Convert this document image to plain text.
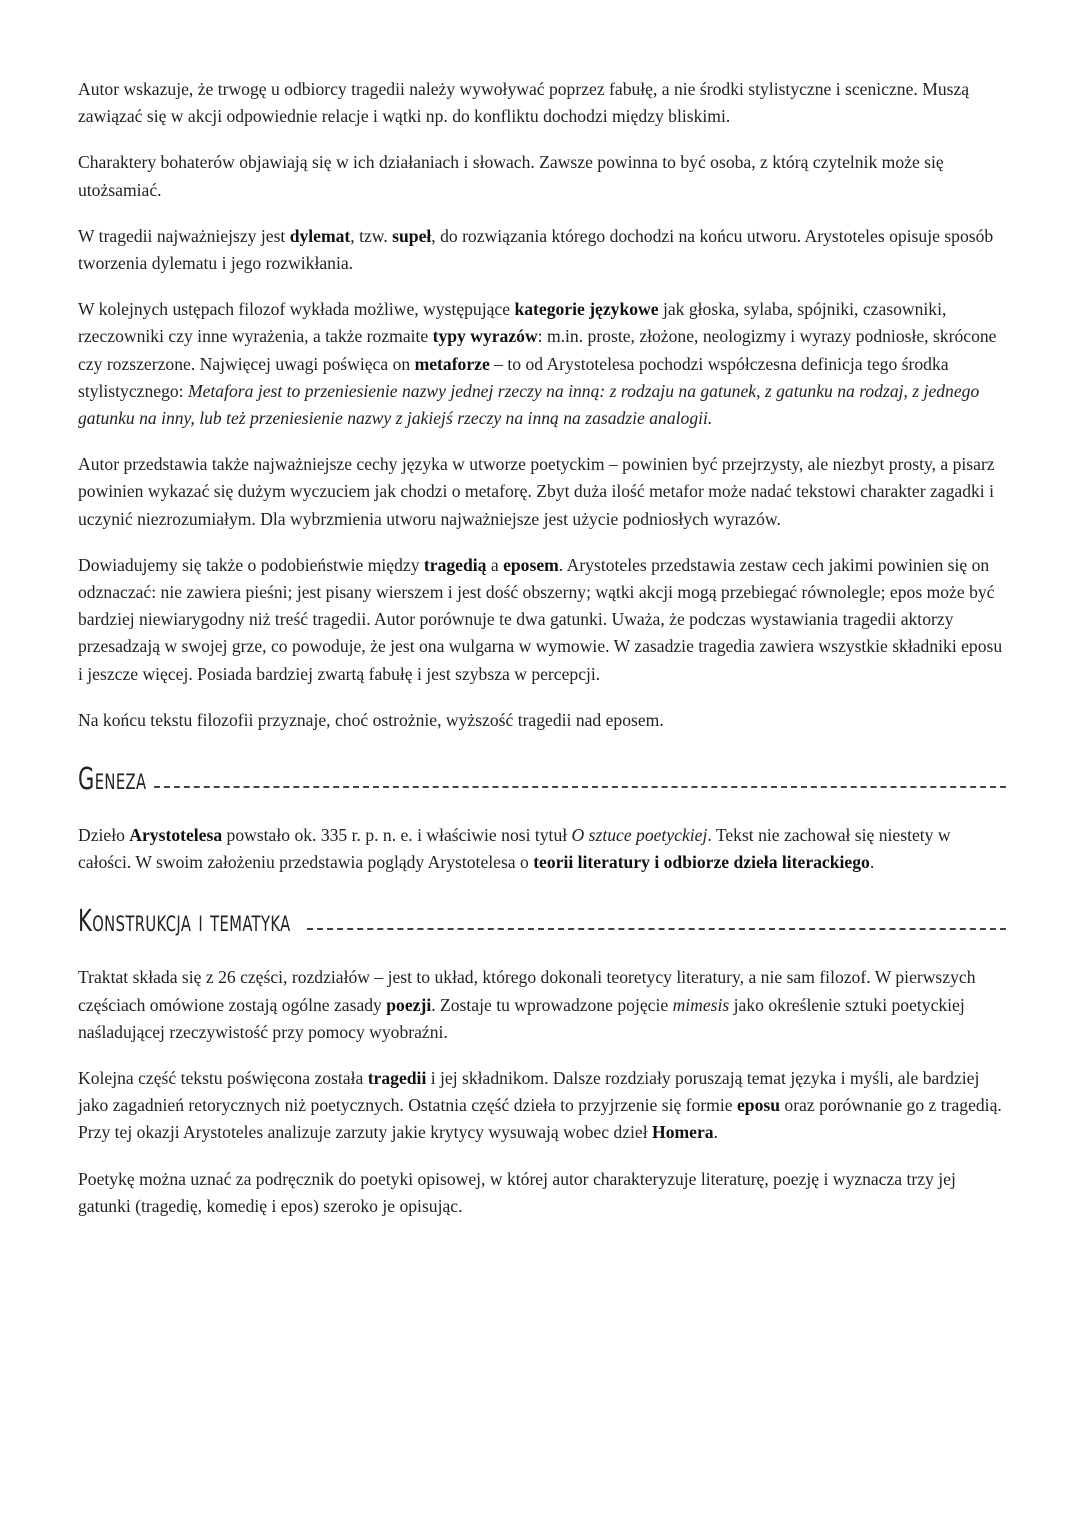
Autor wskazuje, że trwogę u odbiorcy tragedii należy wywoływać poprzez fabułę, a nie środki stylistyczne i sceniczne. Muszą zawiązać się w akcji odpowiednie relacje i wątki np. do konfliktu dochodzi między bliskimi.

Charaktery bohaterów objawiają się w ich działaniach i słowach. Zawsze powinna to być osoba, z którą czytelnik może się utożsamiać.

W tragedii najważniejszy jest dylemat, tzw. supeł, do rozwiązania którego dochodzi na końcu utworu. Arystoteles opisuje sposób tworzenia dylematu i jego rozwikłania.

W kolejnych ustępach filozof wykłada możliwe, występujące kategorie językowe jak głoska, sylaba, spójniki, czasowniki, rzeczowniki czy inne wyrażenia, a także rozmaite typy wyrazów: m.in. proste, złożone, neologizmy i wyrazy podniosłe, skrócone czy rozszerzone. Najwięcej uwagi poświęca on metaforze – to od Arystotelesa pochodzi współczesna definicja tego środka stylistycznego: Metafora jest to przeniesienie nazwy jednej rzeczy na inną: z rodzaju na gatunek, z gatunku na rodzaj, z jednego gatunku na inny, lub też przeniesienie nazwy z jakiejś rzeczy na inną na zasadzie analogii.

Autor przedstawia także najważniejsze cechy języka w utworze poetyckim – powinien być przejrzysty, ale niezbyt prosty, a pisarz powinien wykazać się dużym wyczuciem jak chodzi o metaforę. Zbyt duża ilość metafor może nadać tekstowi charakter zagadki i uczynić niezrozumiałym. Dla wybrzmienia utworu najważniejsze jest użycie podniosłych wyrazów.

Dowiadujemy się także o podobieństwie między tragedią a eposem. Arystoteles przedstawia zestaw cech jakimi powinien się on odznaczać: nie zawiera pieśni; jest pisany wierszem i jest dość obszerny; wątki akcji mogą przebiegać równolegle; epos może być bardziej niewiarygodny niż treść tragedii. Autor porównuje te dwa gatunki. Uważa, że podczas wystawiania tragedii aktorzy przesadzają w swojej grze, co powoduje, że jest ona wulgarna w wymowie. W zasadzie tragedia zawiera wszystkie składniki eposu i jeszcze więcej. Posiada bardziej zwartą fabułę i jest szybsza w percepcji.

Na końcu tekstu filozofii przyznaje, choć ostrożnie, wyższość tragedii nad eposem.

Geneza

Dzieło Arystotelesa powstało ok. 335 r. p. n. e. i właściwie nosi tytuł O sztuce poetyckiej. Tekst nie zachował się niestety w całości. W swoim założeniu przedstawia poglądy Arystotelesa o teorii literatury i odbiorze dzieła literackiego.

Konstrukcja i tematyka

Traktat składa się z 26 części, rozdziałów – jest to układ, którego dokonali teoretycy literatury, a nie sam filozof. W pierwszych częściach omówione zostają ogólne zasady poezji. Zostaje tu wprowadzone pojęcie mimesis jako określenie sztuki poetyckiej naśladującej rzeczywistość przy pomocy wyobraźni.

Kolejna część tekstu poświęcona została tragedii i jej składnikom. Dalsze rozdziały poruszają temat języka i myśli, ale bardziej jako zagadnień retorycznych niż poetycznych. Ostatnia część dzieła to przyjrzenie się formie eposu oraz porównanie go z tragedią. Przy tej okazji Arystoteles analizuje zarzuty jakie krytycy wysuwają wobec dzieł Homera.

Poetykę można uznać za podręcznik do poetyki opisowej, w której autor charakteryzuje literaturę, poezję i wyznacza trzy jej gatunki (tragedię, komedię i epos) szeroko je opisując.
